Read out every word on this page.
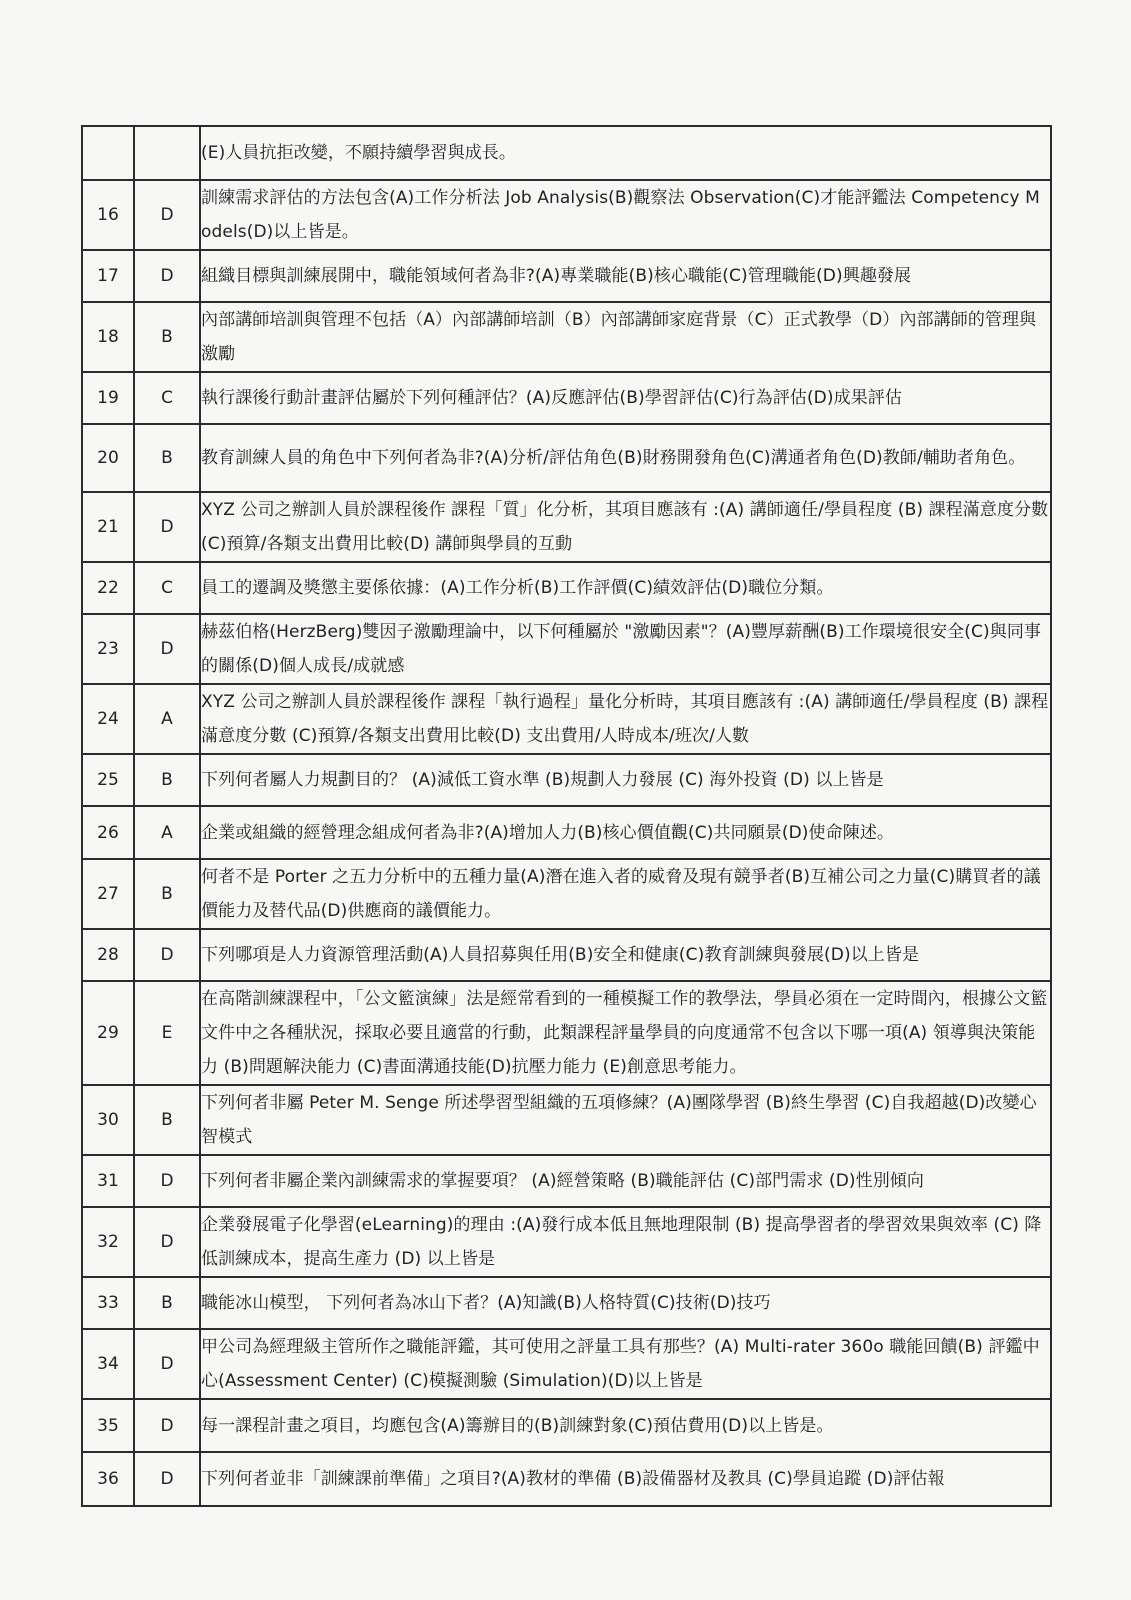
		(E)人員抗拒改變，不願持續學習與成長。
16	D	訓練需求評估的方法包含(A)工作分析法 Job Analysis(B)觀察法 Observation(C)才能評鑑法 Competency Models(D)以上皆是。
17	D	組織目標與訓練展開中，職能領域何者為非?(A)專業職能(B)核心職能(C)管理職能(D)興趣發展
18	B	內部講師培訓與管理不包括（A）內部講師培訓（B）內部講師家庭背景（C）正式教學（D）內部講師的管理與激勵
19	C	執行課後行動計畫評估屬於下列何種評估？(A)反應評估(B)學習評估(C)行為評估(D)成果評估
20	B	教育訓練人員的角色中下列何者為非?(A)分析/評估角色(B)財務開發角色(C)溝通者角色(D)教師/輔助者角色。
21	D	XYZ 公司之辦訓人員於課程後作 課程「質」化分析，其項目應該有 :(A) 講師適任/學員程度 (B) 課程滿意度分數 (C)預算/各類支出費用比較(D) 講師與學員的互動
22	C	員工的遷調及獎懲主要係依據：(A)工作分析(B)工作評價(C)績效評估(D)職位分類。
23	D	赫茲伯格(HerzBerg)雙因子激勵理論中，以下何種屬於 "激勵因素"？(A)豐厚薪酬(B)工作環境很安全(C)與同事的關係(D)個人成長/成就感
24	A	XYZ 公司之辦訓人員於課程後作 課程「執行過程」量化分析時，其項目應該有 :(A) 講師適任/學員程度 (B) 課程滿意度分數 (C)預算/各類支出費用比較(D) 支出費用/人時成本/班次/人數
25	B	下列何者屬人力規劃目的？ (A)減低工資水準 (B)規劃人力發展 (C) 海外投資 (D) 以上皆是
26	A	企業或組織的經營理念組成何者為非?(A)增加人力(B)核心價值觀(C)共同願景(D)使命陳述。
27	B	何者不是 Porter 之五力分析中的五種力量(A)潛在進入者的威脅及現有競爭者(B)互補公司之力量(C)購買者的議價能力及替代品(D)供應商的議價能力。
28	D	下列哪項是人力資源管理活動(A)人員招募與任用(B)安全和健康(C)教育訓練與發展(D)以上皆是
29	E	在高階訓練課程中，「公文籃演練」法是經常看到的一種模擬工作的教學法，學員必須在一定時間內，根據公文籃文件中之各種狀況，採取必要且適當的行動，此類課程評量學員的向度通常不包含以下哪一項(A) 領導與決策能力 (B)問題解決能力 (C)書面溝通技能(D)抗壓力能力 (E)創意思考能力。
30	B	下列何者非屬 Peter M. Senge 所述學習型組織的五項修練？(A)團隊學習 (B)終生學習 (C)自我超越(D)改變心智模式
31	D	下列何者非屬企業內訓練需求的掌握要項？ (A)經營策略 (B)職能評估 (C)部門需求 (D)性別傾向
32	D	企業發展電子化學習(eLearning)的理由 :(A)發行成本低且無地理限制 (B) 提高學習者的學習效果與效率 (C) 降低訓練成本，提高生產力 (D) 以上皆是
33	B	職能冰山模型， 下列何者為冰山下者？(A)知識(B)人格特質(C)技術(D)技巧
34	D	甲公司為經理級主管所作之職能評鑑，其可使用之評量工具有那些？(A) Multi-rater 360o 職能回饋(B) 評鑑中心(Assessment Center) (C)模擬測驗 (Simulation)(D)以上皆是
35	D	每一課程計畫之項目，均應包含(A)籌辦目的(B)訓練對象(C)預估費用(D)以上皆是。
36	D	下列何者並非「訓練課前準備」之項目?(A)教材的準備 (B)設備器材及教具 (C)學員追蹤 (D)評估報
